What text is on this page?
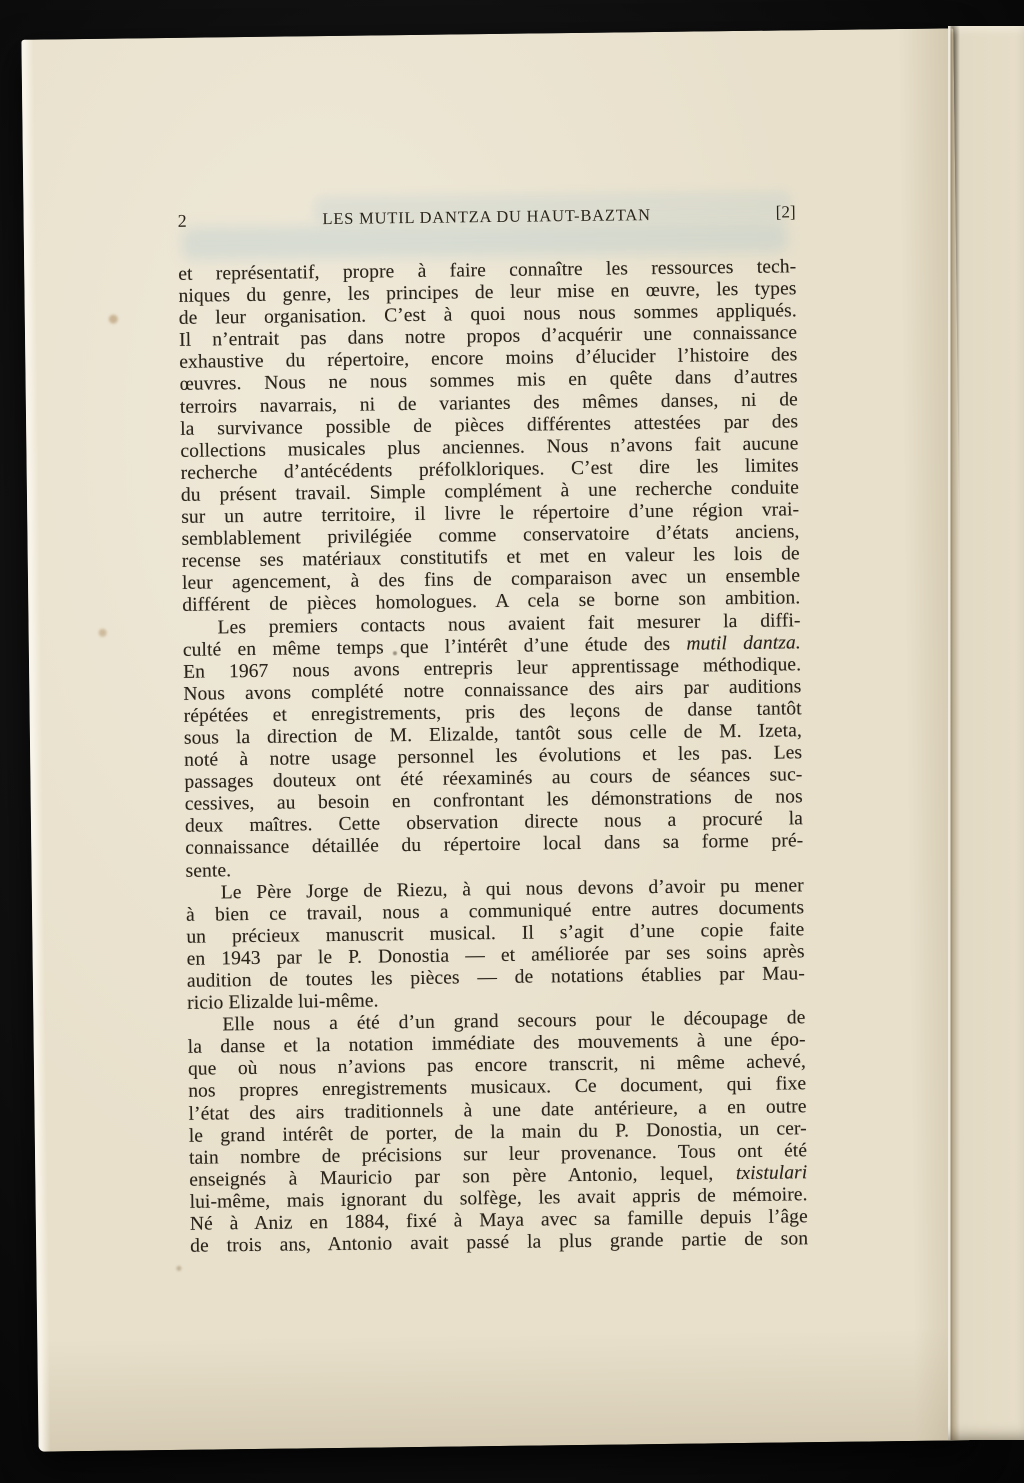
2	LES MUTIL DANTZA DU HAUT-BAZTAN	[2]
et représentatif, propre à faire connaître les ressources tech-
niques du genre, les principes de leur mise en œuvre, les types
de leur organisation. C’est à quoi nous nous sommes appliqués.
Il n’entrait pas dans notre propos d’acquérir une connaissance
exhaustive du répertoire, encore moins d’élucider l’histoire des
œuvres. Nous ne nous sommes mis en quête dans d’autres
terroirs navarrais, ni de variantes des mêmes danses, ni de
la survivance possible de pièces différentes attestées par des
collections musicales plus anciennes. Nous n’avons fait aucune
recherche d’antécédents préfolkloriques. C’est dire les limites
du présent travail. Simple complément à une recherche conduite
sur un autre territoire, il livre le répertoire d’une région vrai-
semblablement privilégiée comme conservatoire d’états anciens,
recense ses matériaux constitutifs et met en valeur les lois de
leur agencement, à des fins de comparaison avec un ensemble
différent de pièces homologues. A cela se borne son ambition.
Les premiers contacts nous avaient fait mesurer la diffi-
culté en même temps que l’intérêt d’une étude des mutil dantza.
En 1967 nous avons entrepris leur apprentissage méthodique.
Nous avons complété notre connaissance des airs par auditions
répétées et enregistrements, pris des leçons de danse tantôt
sous la direction de M. Elizalde, tantôt sous celle de M. Izeta,
noté à notre usage personnel les évolutions et les pas. Les
passages douteux ont été réexaminés au cours de séances suc-
cessives, au besoin en confrontant les démonstrations de nos
deux maîtres. Cette observation directe nous a procuré la
connaissance détaillée du répertoire local dans sa forme pré-
sente.
Le Père Jorge de Riezu, à qui nous devons d’avoir pu mener
à bien ce travail, nous a communiqué entre autres documents
un précieux manuscrit musical. Il s’agit d’une copie faite
en 1943 par le P. Donostia — et améliorée par ses soins après
audition de toutes les pièces — de notations établies par Mau-
ricio Elizalde lui-même.
Elle nous a été d’un grand secours pour le découpage de
la danse et la notation immédiate des mouvements à une épo-
que où nous n’avions pas encore transcrit, ni même achevé,
nos propres enregistrements musicaux. Ce document, qui fixe
l’état des airs traditionnels à une date antérieure, a en outre
le grand intérêt de porter, de la main du P. Donostia, un cer-
tain nombre de précisions sur leur provenance. Tous ont été
enseignés à Mauricio par son père Antonio, lequel, txistulari
lui-même, mais ignorant du solfège, les avait appris de mémoire.
Né à Aniz en 1884, fixé à Maya avec sa famille depuis l’âge
de trois ans, Antonio avait passé la plus grande partie de son
